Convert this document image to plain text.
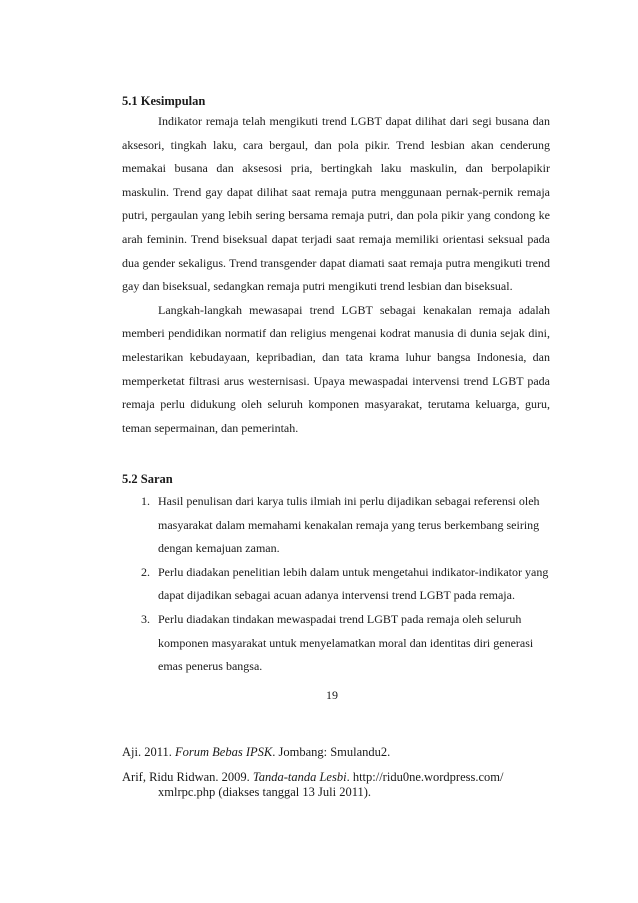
5.1 Kesimpulan

Indikator remaja telah mengikuti trend LGBT dapat dilihat dari segi busana dan aksesori, tingkah laku, cara bergaul, dan pola pikir. Trend lesbian akan cenderung memakai busana dan aksesosi pria, bertingkah laku maskulin, dan berpolapikir maskulin. Trend gay dapat dilihat saat remaja putra menggunaan pernak-pernik remaja putri, pergaulan yang lebih sering bersama remaja putri, dan pola pikir yang condong ke arah feminin. Trend biseksual dapat terjadi saat remaja memiliki orientasi seksual pada dua gender sekaligus. Trend transgender dapat diamati saat remaja putra mengikuti trend gay dan biseksual, sedangkan remaja putri mengikuti trend lesbian dan biseksual.

Langkah-langkah mewasapai trend LGBT sebagai kenakalan remaja adalah memberi pendidikan normatif dan religius mengenai kodrat manusia di dunia sejak dini, melestarikan kebudayaan, kepribadian, dan tata krama luhur bangsa Indonesia, dan memperketat filtrasi arus westernisasi. Upaya mewaspadai intervensi trend LGBT pada remaja perlu didukung oleh seluruh komponen masyarakat, terutama keluarga, guru, teman sepermainan, dan pemerintah.

5.2 Saran

1. Hasil penulisan dari karya tulis ilmiah ini perlu dijadikan sebagai referensi oleh masyarakat dalam memahami kenakalan remaja yang terus berkembang seiring dengan kemajuan zaman.
2. Perlu diadakan penelitian lebih dalam untuk mengetahui indikator-indikator yang dapat dijadikan sebagai acuan adanya intervensi trend LGBT pada remaja.
3. Perlu diadakan tindakan mewaspadai trend LGBT pada remaja oleh seluruh komponen masyarakat untuk menyelamatkan moral dan identitas diri generasi emas penerus bangsa.
19

Aji. 2011. Forum Bebas IPSK. Jombang: Smulandu2.

Arif, Ridu Ridwan. 2009. Tanda-tanda Lesbi. http://ridu0ne.wordpress.com/ xmlrpc.php (diakses tanggal 13 Juli 2011).
